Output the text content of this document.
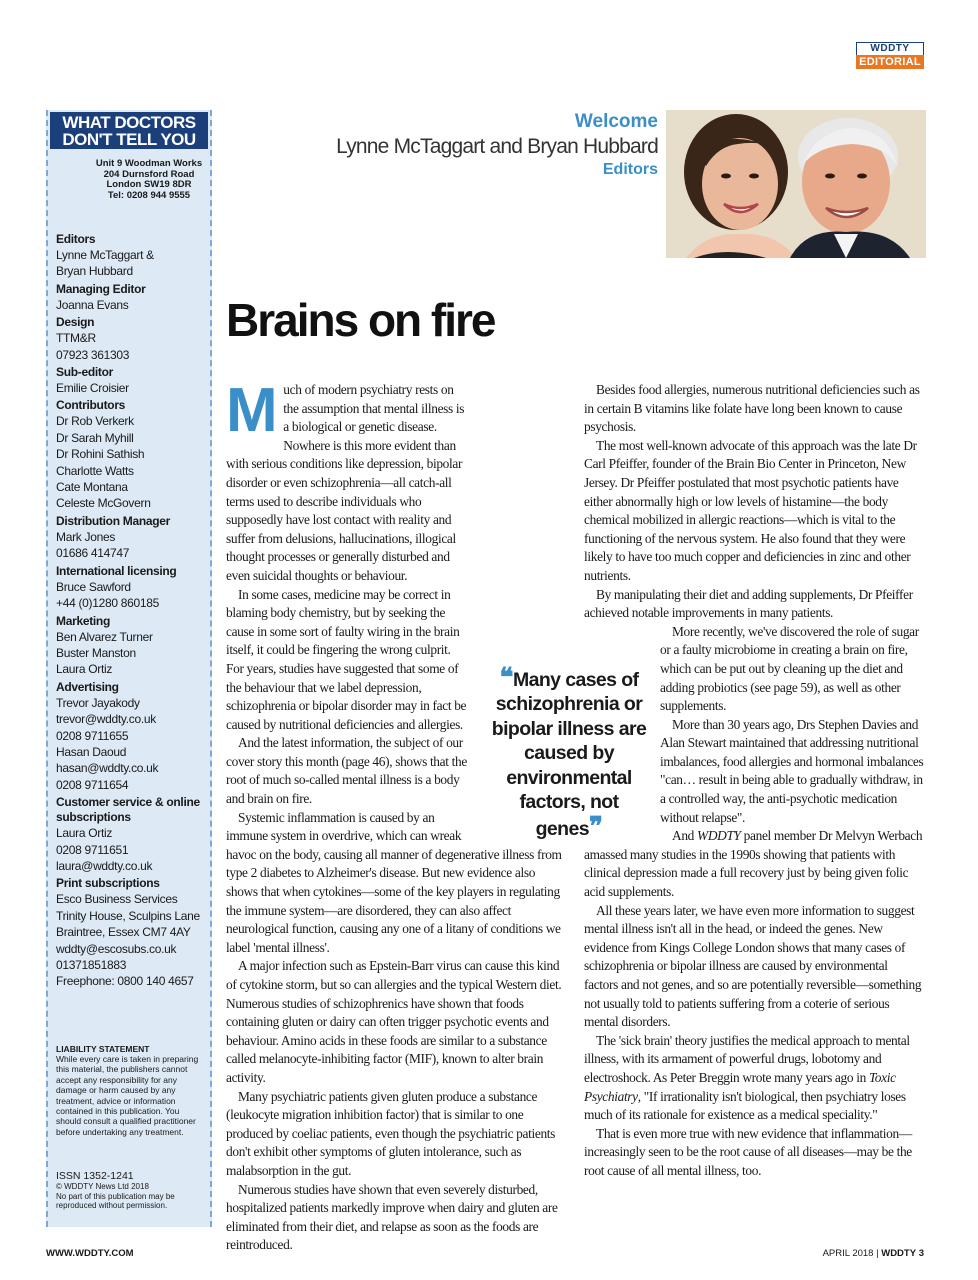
WDDTY
EDITORIAL
WHAT DOCTORS
DON'T TELL YOU
Unit 9 Woodman Works
204 Durnsford Road
London SW19 8DR
Tel: 0208 944 9555
Editors
Lynne McTaggart &
Bryan Hubbard
Managing Editor
Joanna Evans
Design
TTM&R
07923 361303
Sub-editor
Emilie Croisier
Contributors
Dr Rob Verkerk
Dr Sarah Myhill
Dr Rohini Sathish
Charlotte Watts
Cate Montana
Celeste McGovern
Distribution Manager
Mark Jones
01686 414747
International licensing
Bruce Sawford
+44 (0)1280 860185
Marketing
Ben Alvarez Turner
Buster Manston
Laura Ortiz
Advertising
Trevor Jayakody
trevor@wddty.co.uk
0208 9711655
Hasan Daoud
hasan@wddty.co.uk
0208 9711654
Customer service & online subscriptions
Laura Ortiz
0208 9711651
laura@wddty.co.uk
Print subscriptions
Esco Business Services
Trinity House, Sculpins Lane
Braintree, Essex CM7 4AY
wddty@escosubs.co.uk
01371851883
Freephone: 0800 140 4657
LIABILITY STATEMENT
While every care is taken in preparing this material, the publishers cannot accept any responsibility for any damage or harm caused by any treatment, advice or information contained in this publication. You should consult a qualified practitioner before undertaking any treatment.
ISSN 1352-1241
© WDDTY News Ltd 2018
No part of this publication may be reproduced without permission.
Welcome
Lynne McTaggart and Bryan Hubbard
Editors
Brains on fire
M uch of modern psychiatry rests on the assumption that mental illness is a biological or genetic disease. Nowhere is this more evident than with serious conditions like depression, bipolar disorder or even schizophrenia—all catch-all terms used to describe individuals who supposedly have lost contact with reality and suffer from delusions, hallucinations, illogical thought processes or generally disturbed and even suicidal thoughts or behaviour.

In some cases, medicine may be correct in blaming body chemistry, but by seeking the cause in some sort of faulty wiring in the brain itself, it could be fingering the wrong culprit. For years, studies have suggested that some of the behaviour that we label depression, schizophrenia or bipolar disorder may in fact be caused by nutritional deficiencies and allergies.

And the latest information, the subject of our cover story this month (page 46), shows that the root of much so-called mental illness is a body and brain on fire.

Systemic inflammation is caused by an immune system in overdrive, which can wreak havoc on the body, causing all manner of degenerative illness from type 2 diabetes to Alzheimer's disease. But new evidence also shows that when cytokines—some of the key players in regulating the immune system—are disordered, they can also affect neurological function, causing any one of a litany of conditions we label 'mental illness'.

A major infection such as Epstein-Barr virus can cause this kind of cytokine storm, but so can allergies and the typical Western diet. Numerous studies of schizophrenics have shown that foods containing gluten or dairy can often trigger psychotic events and behaviour. Amino acids in these foods are similar to a substance called melanocyte-inhibiting factor (MIF), known to alter brain activity.

Many psychiatric patients given gluten produce a substance (leukocyte migration inhibition factor) that is similar to one produced by coeliac patients, even though the psychiatric patients don't exhibit other symptoms of gluten intolerance, such as malabsorption in the gut.

Numerous studies have shown that even severely disturbed, hospitalized patients markedly improve when dairy and gluten are eliminated from their diet, and relapse as soon as the foods are reintroduced.

❝Many cases of schizophrenia or bipolar illness are caused by environmental factors, not genes❞

Besides food allergies, numerous nutritional deficiencies such as in certain B vitamins like folate have long been known to cause psychosis.

The most well-known advocate of this approach was the late Dr Carl Pfeiffer, founder of the Brain Bio Center in Princeton, New Jersey. Dr Pfeiffer postulated that most psychotic patients have either abnormally high or low levels of histamine—the body chemical mobilized in allergic reactions—which is vital to the functioning of the nervous system. He also found that they were likely to have too much copper and deficiencies in zinc and other nutrients.

By manipulating their diet and adding supplements, Dr Pfeiffer achieved notable improvements in many patients.

More recently, we've discovered the role of sugar or a faulty microbiome in creating a brain on fire, which can be put out by cleaning up the diet and adding probiotics (see page 59), as well as other supplements.

More than 30 years ago, Drs Stephen Davies and Alan Stewart maintained that addressing nutritional imbalances, food allergies and hormonal imbalances "can… result in being able to gradually withdraw, in a controlled way, the anti-psychotic medication without relapse".

And WDDTY panel member Dr Melvyn Werbach amassed many studies in the 1990s showing that patients with clinical depression made a full recovery just by being given folic acid supplements.

All these years later, we have even more information to suggest mental illness isn't all in the head, or indeed the genes. New evidence from Kings College London shows that many cases of schizophrenia or bipolar illness are caused by environmental factors and not genes, and so are potentially reversible—something not usually told to patients suffering from a coterie of serious mental disorders.

The 'sick brain' theory justifies the medical approach to mental illness, with its armament of powerful drugs, lobotomy and electroshock. As Peter Breggin wrote many years ago in Toxic Psychiatry, "If irrationality isn't biological, then psychiatry loses much of its rationale for existence as a medical speciality."

That is even more true with new evidence that inflammation—increasingly seen to be the root cause of all diseases—may be the root cause of all mental illness, too.

WWW.WDDTY.COM	APRIL 2018 | WDDTY 3
